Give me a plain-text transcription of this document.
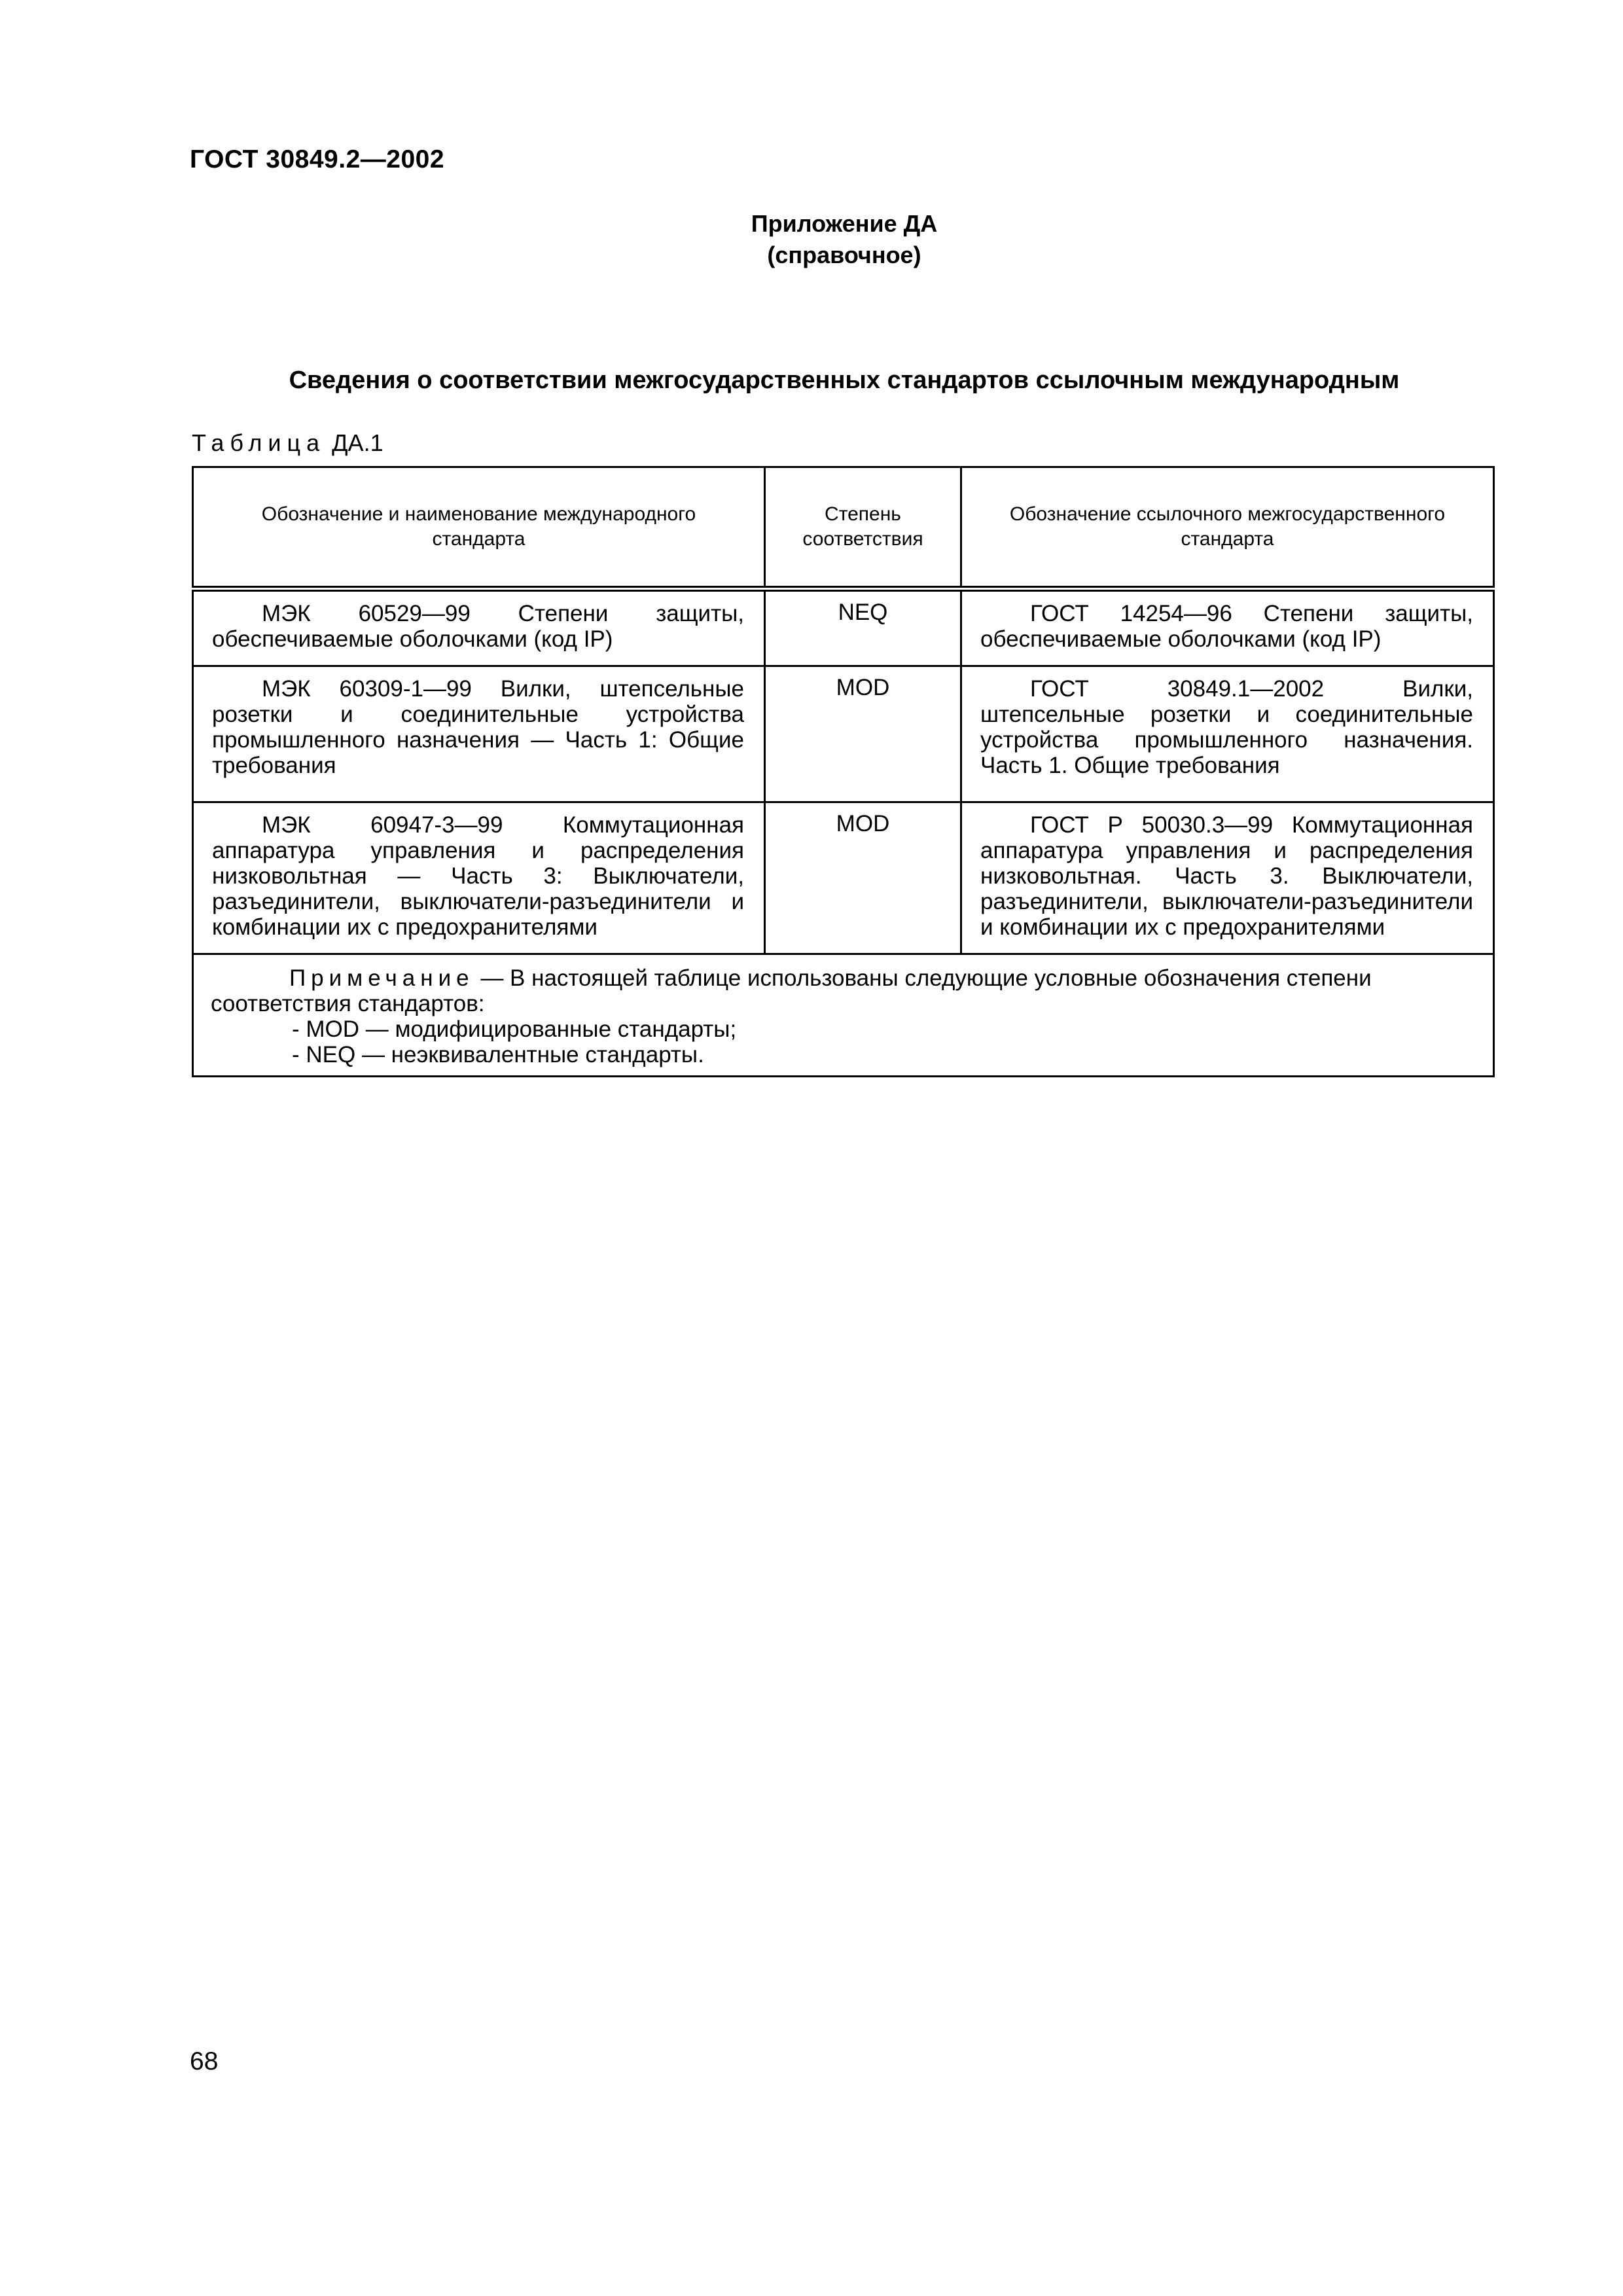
ГОСТ 30849.2—2002
Приложение ДА
(справочное)
Сведения о соответствии межгосударственных стандартов ссылочным международным
Таблица ДА.1
Обозначение и наименование международного стандарта	Степень соответствия	Обозначение ссылочного межгосударственного стандарта
МЭК 60529—99 Степени защиты, обеспечиваемые оболочками (код IP)	NEQ	ГОСТ 14254—96 Степени защиты, обеспечиваемые оболочками (код IP)
МЭК 60309-1—99 Вилки, штепсельные розетки и соединительные устройства промышленного назначения — Часть 1: Общие требования	MOD	ГОСТ 30849.1—2002 Вилки, штепсельные розетки и соединительные устройства промышленного назначения. Часть 1. Общие требования
МЭК 60947-3—99 Коммутационная аппаратура управления и распределения низковольтная — Часть 3: Выключатели, разъединители, выключатели-разъединители и комбинации их с предохранителями	MOD	ГОСТ Р 50030.3—99 Коммутационная аппаратура управления и распределения низковольтная. Часть 3. Выключатели, разъединители, выключатели-разъединители и комбинации их с предохранителями

Примечание — В настоящей таблице использованы следующие условные обозначения степени соответствия стандартов:
- MOD — модифицированные стандарты;
- NEQ — неэквивалентные стандарты.		
68
